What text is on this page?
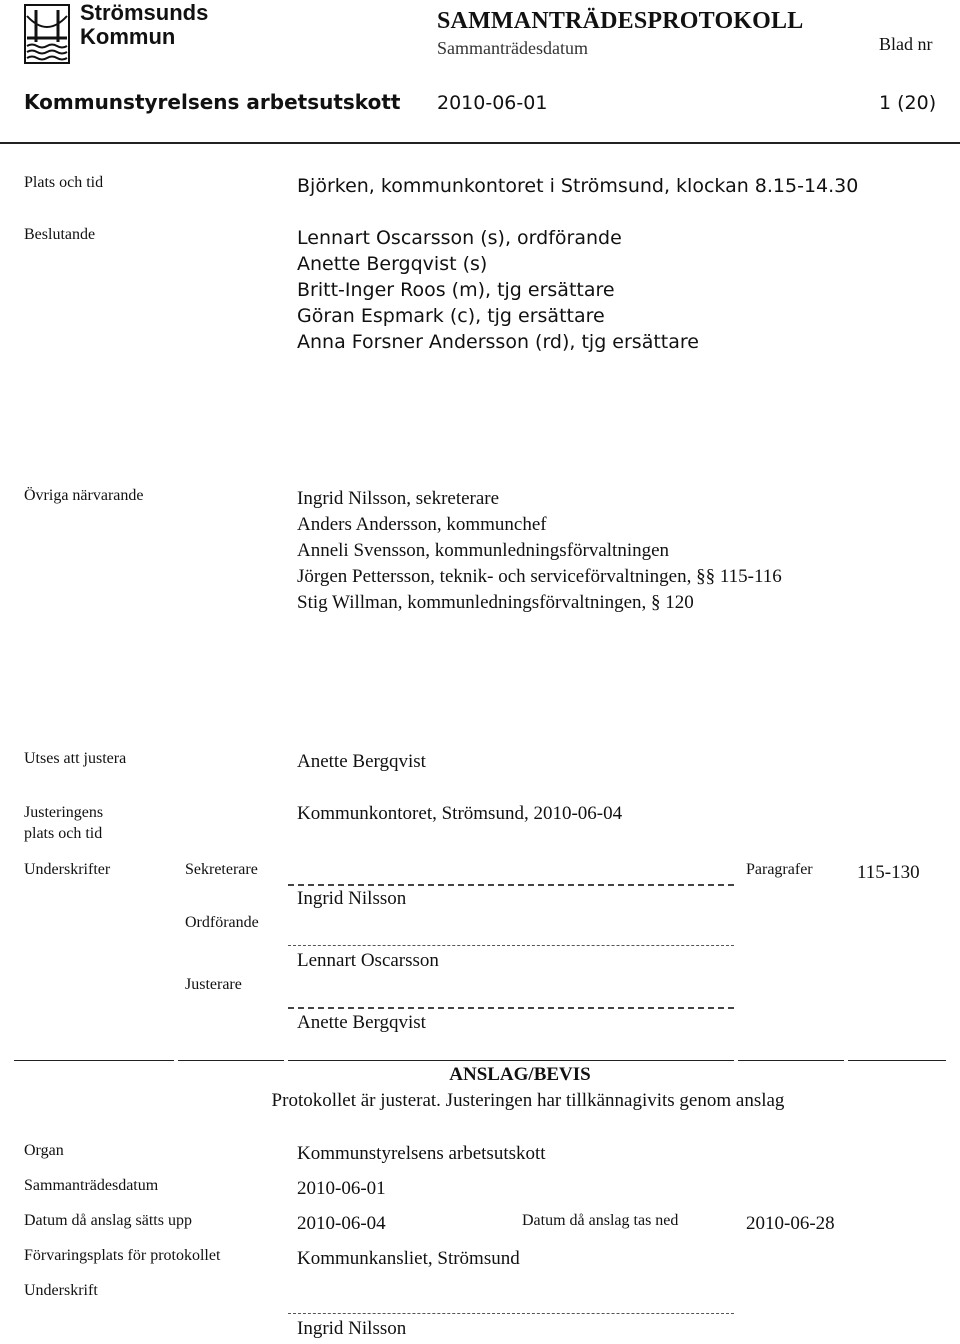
Strömsunds
Kommun
SAMMANTRÄDESPROTOKOLL
Sammanträdesdatum	Blad nr
Kommunstyrelsens arbetsutskott 2010-06-01	1 (20)
Plats och tid	Björken, kommunkontoret i Strömsund, klockan 8.15-14.30
Beslutande	Lennart Oscarsson (s), ordförande
Anette Bergqvist (s)
Britt-Inger Roos (m), tjg ersättare
Göran Espmark (c), tjg ersättare
Anna Forsner Andersson (rd), tjg ersättare
Övriga närvarande	Ingrid Nilsson, sekreterare
Anders Andersson, kommunchef
Anneli Svensson, kommunledningsförvaltningen
Jörgen Pettersson, teknik- och serviceförvaltningen, §§ 115-116
Stig Willman, kommunledningsförvaltningen, § 120
Utses att justera	Anette Bergqvist
Justeringens
plats och tid
Kommunkontoret, Strömsund, 2010-06-04
Underskrifter	Sekreterare
Ingrid Nilsson
Paragrafer 115-130
Ordförande
Lennart Oscarsson
Justerare
Anette Bergqvist
ANSLAG/BEVIS
Protokollet är justerat. Justeringen har tillkännagivits genom anslag
Organ	Kommunstyrelsens arbetsutskott
Sammanträdesdatum	2010-06-01
Datum då anslag sätts upp	2010-06-04	Datum då anslag tas ned	2010-06-28
Förvaringsplats för protokollet	Kommunkansliet, Strömsund
Underskrift
Ingrid Nilsson
